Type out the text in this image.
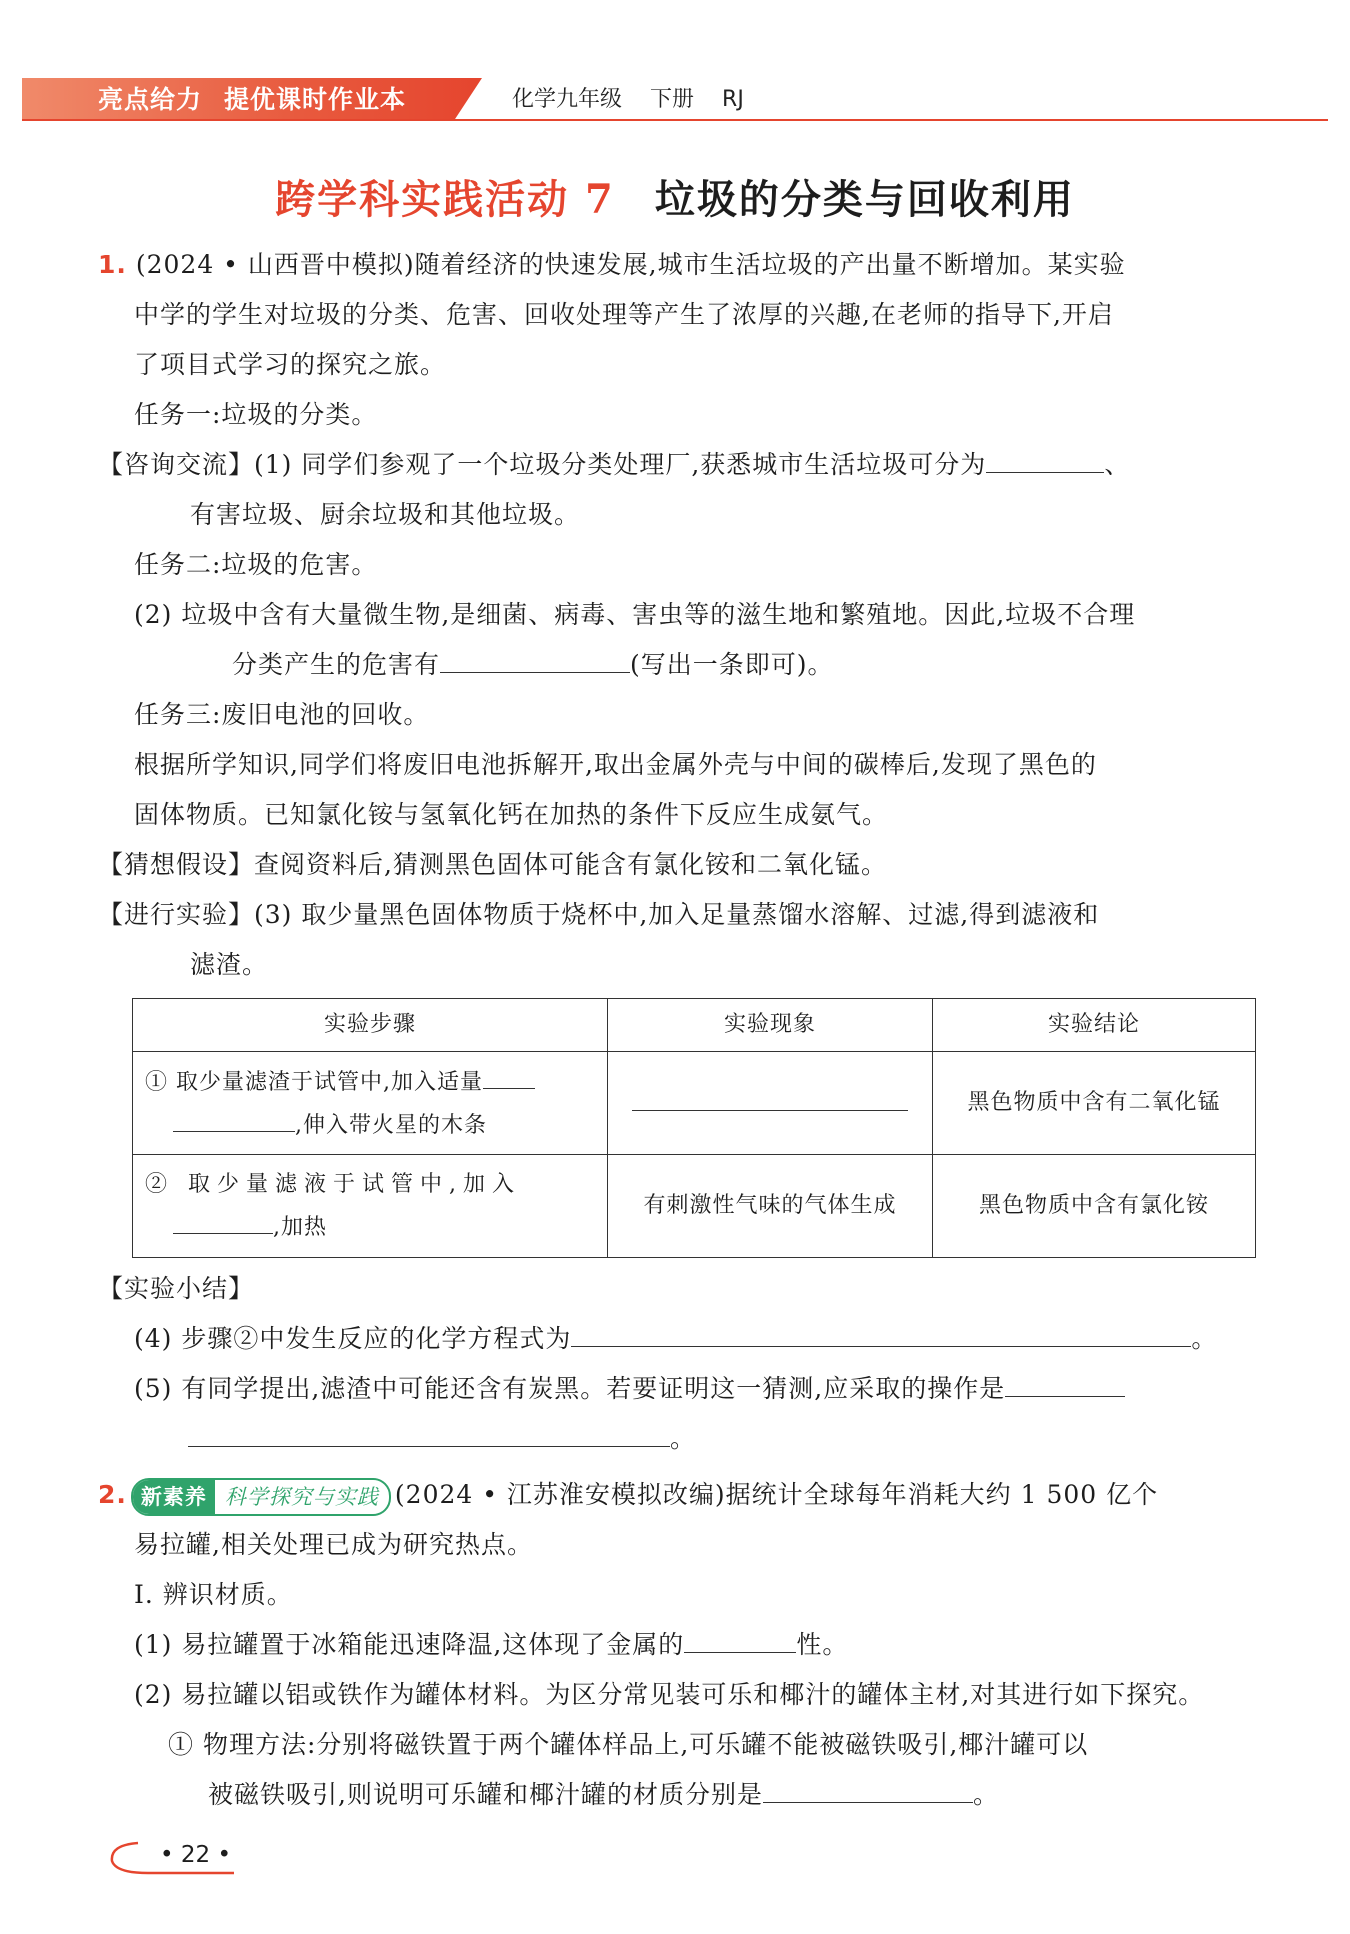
亮点给力 提优课时作业本	化学九年级 下册 RJ
跨学科实践活动 7 垃圾的分类与回收利用

1. (2024 • 山西晋中模拟)随着经济的快速发展,城市生活垃圾的产出量不断增加。某实验

中学的学生对垃圾的分类、危害、回收处理等产生了浓厚的兴趣,在老师的指导下,开启

了项目式学习的探究之旅。

任务一:垃圾的分类。

【咨询交流】(1) 同学们参观了一个垃圾分类处理厂,获悉城市生活垃圾可分为	、

有害垃圾、厨余垃圾和其他垃圾。

任务二:垃圾的危害。

(2) 垃圾中含有大量微生物,是细菌、病毒、害虫等的滋生地和繁殖地。因此,垃圾不合理

分类产生的危害有	(写出一条即可)。

任务三:废旧电池的回收。

根据所学知识,同学们将废旧电池拆解开,取出金属外壳与中间的碳棒后,发现了黑色的

固体物质。已知氯化铵与氢氧化钙在加热的条件下反应生成氨气。

【猜想假设】查阅资料后,猜测黑色固体可能含有氯化铵和二氧化锰。

【进行实验】(3) 取少量黑色固体物质于烧杯中,加入足量蒸馏水溶解、过滤,得到滤液和

滤渣。

实验步骤	实验现象	实验结论

① 取少量滤渣于试管中,加入适量
,伸入带火星的木条		黑色物质中含有二氧化锰

② 取少量滤液于试管中,加入
,加热	有刺激性气味的气体生成	黑色物质中含有氯化铵

【实验小结】

(4) 步骤②中发生反应的化学方程式为	。

(5) 有同学提出,滤渣中可能还含有炭黑。若要证明这一猜测,应采取的操作是

。

2. 新素养 科学探究与实践 (2024 • 江苏淮安模拟改编)据统计全球每年消耗大约 1 500 亿个

易拉罐,相关处理已成为研究热点。

Ⅰ. 辨识材质。

(1) 易拉罐置于冰箱能迅速降温,这体现了金属的	性。

(2) 易拉罐以铝或铁作为罐体材料。为区分常见装可乐和椰汁的罐体主材,对其进行如下探究。

① 物理方法:分别将磁铁置于两个罐体样品上,可乐罐不能被磁铁吸引,椰汁罐可以

被磁铁吸引,则说明可乐罐和椰汁罐的材质分别是	。

• 22 •
